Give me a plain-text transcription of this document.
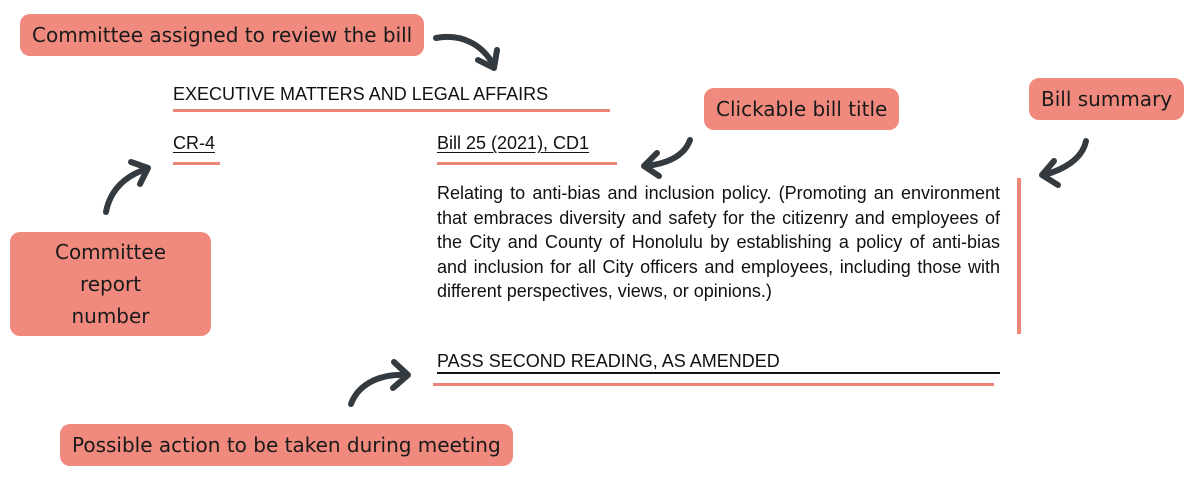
Committee assigned to review the bill
Clickable bill title	Bill summary
Committee report
number
Possible action to be taken during meeting
EXECUTIVE MATTERS AND LEGAL AFFAIRS
CR-4	Bill 25 (2021), CD1
Relating to anti-bias and inclusion policy. (Promoting an environment that embraces diversity and safety for the citizenry and employees of the City and County of Honolulu by establishing a policy of anti-bias and inclusion for all City officers and employees, including those with different perspectives, views, or opinions.)
PASS SECOND READING, AS AMENDED
